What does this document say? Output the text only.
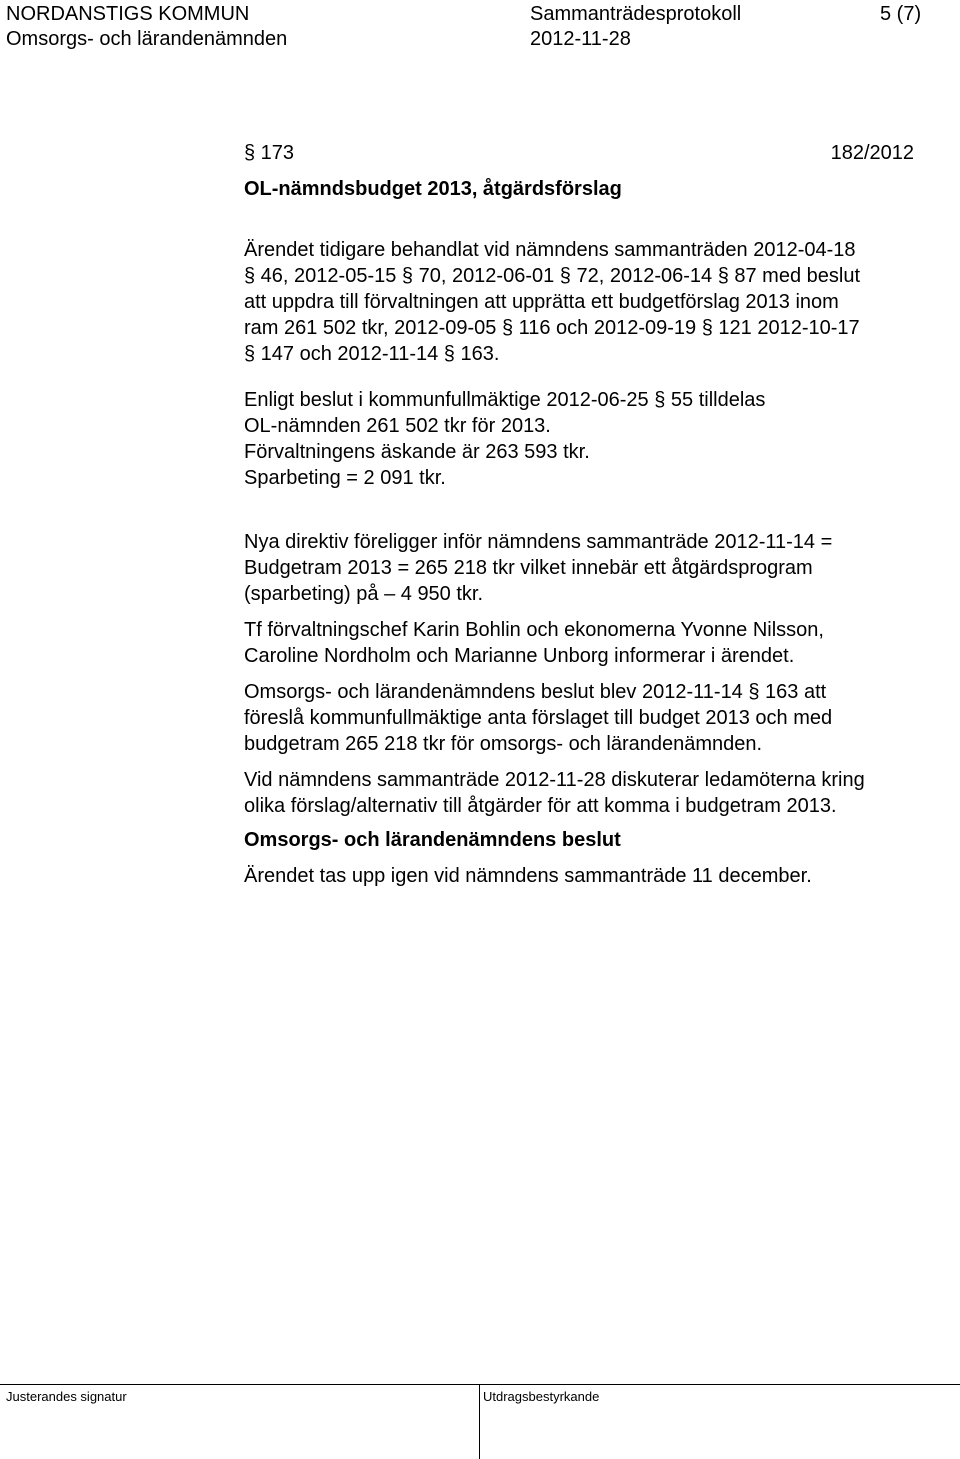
NORDANSTIGS KOMMUN	Sammanträdesprotokoll	5 (7)
Omsorgs- och lärandenämnden	2012-11-28
§ 173	182/2012
OL-nämndsbudget 2013, åtgärdsförslag

Ärendet tidigare behandlat vid nämndens sammanträden 2012-04-18

§ 46, 2012-05-15 § 70, 2012-06-01 § 72, 2012-06-14 § 87 med beslut

att uppdra till förvaltningen att upprätta ett budgetförslag 2013 inom

ram 261 502 tkr, 2012-09-05 § 116 och 2012-09-19 § 121 2012-10-17

§ 147 och 2012-11-14 § 163.

Enligt beslut i kommunfullmäktige 2012-06-25 § 55 tilldelas

OL-nämnden 261 502 tkr för 2013.

Förvaltningens äskande är 263 593 tkr.

Sparbeting = 2 091 tkr.

Nya direktiv föreligger inför nämndens sammanträde 2012-11-14 =

Budgetram 2013 = 265 218 tkr vilket innebär ett åtgärdsprogram

(sparbeting) på – 4 950 tkr.

Tf förvaltningschef Karin Bohlin och ekonomerna Yvonne Nilsson,

Caroline Nordholm och Marianne Unborg informerar i ärendet.

Omsorgs- och lärandenämndens beslut blev 2012-11-14 § 163 att

föreslå kommunfullmäktige anta förslaget till budget 2013 och med

budgetram 265 218 tkr för omsorgs- och lärandenämnden.

Vid nämndens sammanträde 2012-11-28 diskuterar ledamöterna kring

olika förslag/alternativ till åtgärder för att komma i budgetram 2013.

Omsorgs- och lärandenämndens beslut

Ärendet tas upp igen vid nämndens sammanträde 11 december.

Justerandes signatur	Utdragsbestyrkande
